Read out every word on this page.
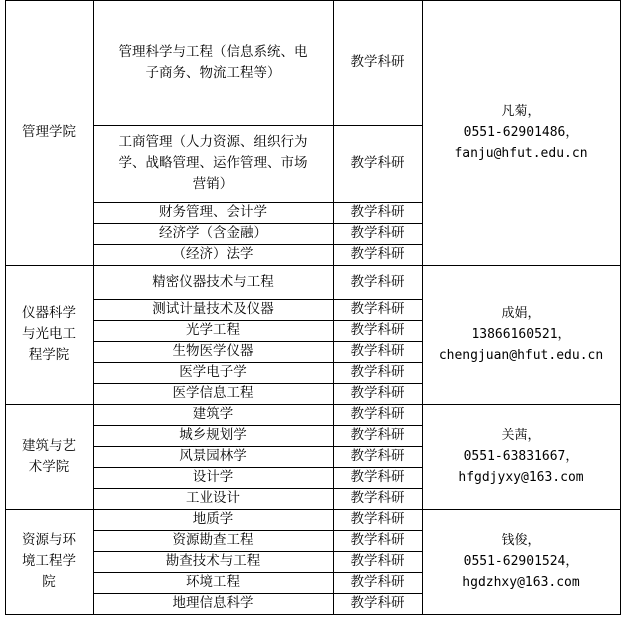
管理学院
凡菊，
0551-62901486，
fanju@hfut.edu.cn
管理科学与工程（信息系统、电
子商务、物流工程等）
教学科研
工商管理（人力资源、组织行为
学、战略管理、运作管理、市场
营销）
教学科研
财务管理、会计学	教学科研
经济学（含金融）	教学科研
（经济）法学	教学科研
仪器科学
与光电工
程学院
成娟，
13866160521，
chengjuan@hfut.edu.cn
精密仪器技术与工程	教学科研
测试计量技术及仪器	教学科研
光学工程	教学科研
生物医学仪器	教学科研
医学电子学	教学科研
医学信息工程	教学科研
建筑与艺
术学院
关茜，
0551-63831667，
hfgdjyxy@163.com
建筑学	教学科研
城乡规划学	教学科研
风景园林学	教学科研
设计学	教学科研
工业设计	教学科研
资源与环
境工程学
院
钱俊，
0551-62901524，
hgdzhxy@163.com
地质学	教学科研
资源勘查工程	教学科研
勘查技术与工程	教学科研
环境工程	教学科研
地理信息科学	教学科研
